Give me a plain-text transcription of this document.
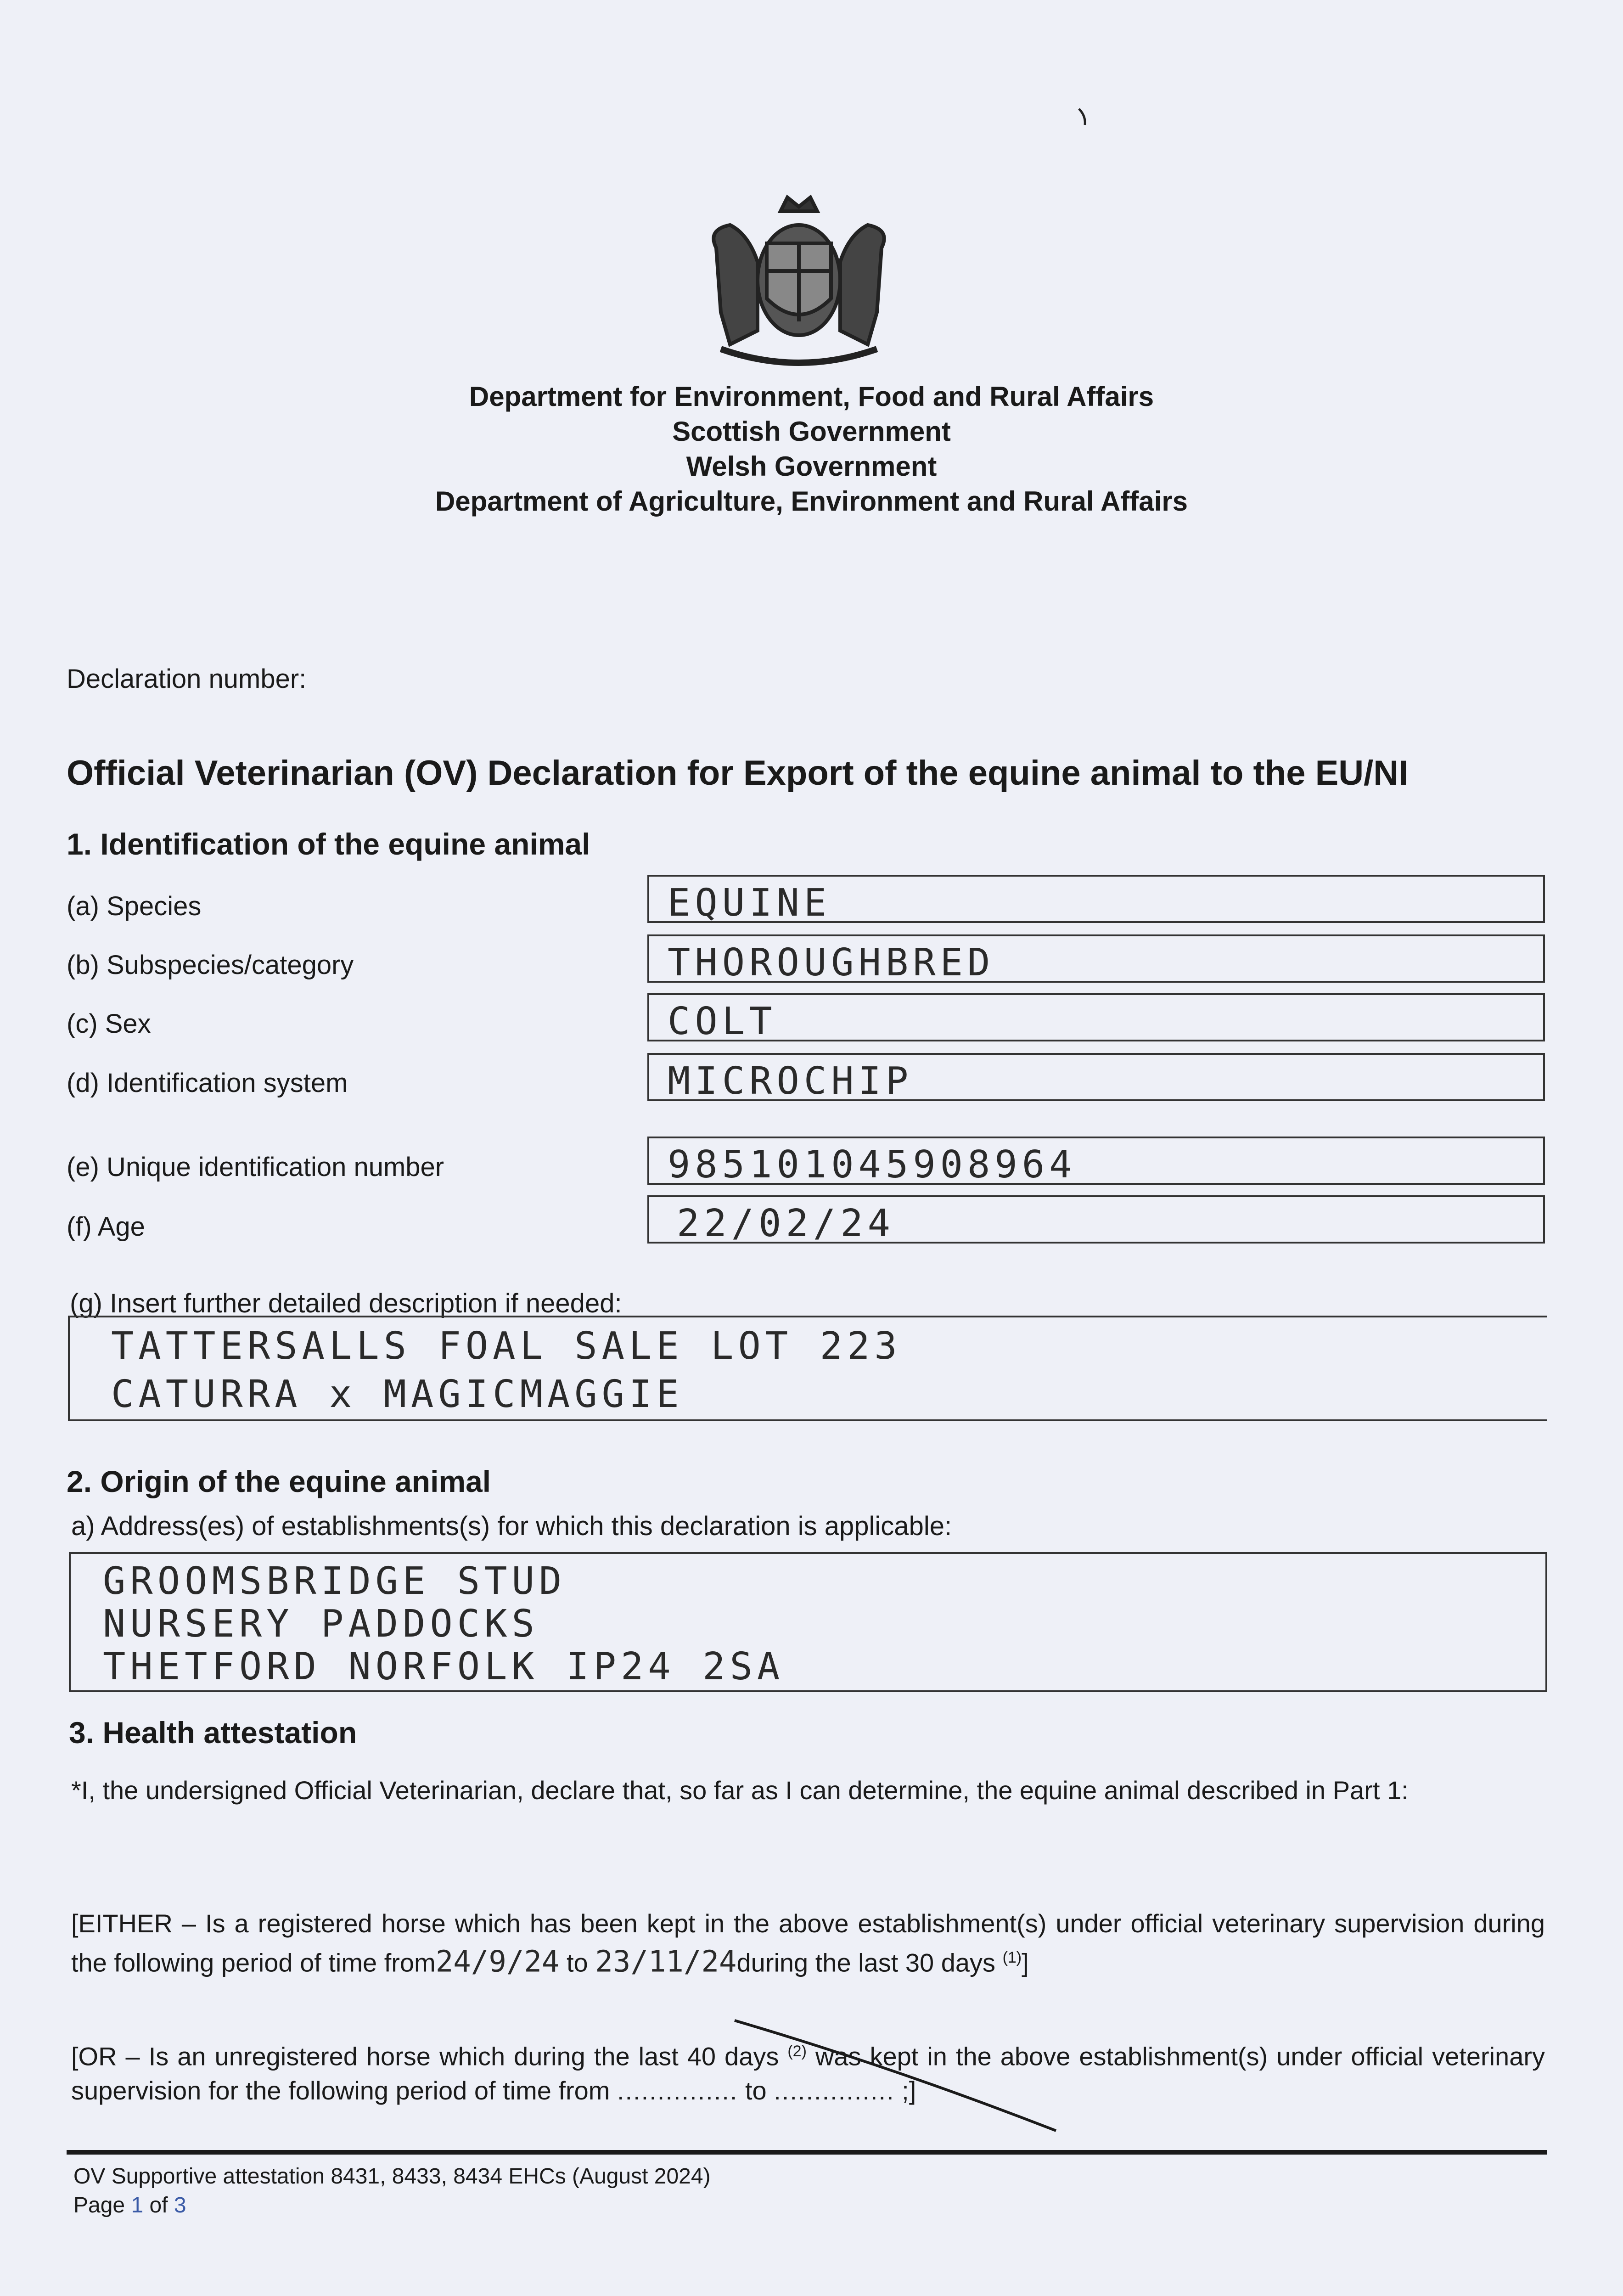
Department for Environment, Food and Rural Affairs
Scottish Government
Welsh Government
Department of Agriculture, Environment and Rural Affairs
Declaration number:
Official Veterinarian (OV) Declaration for Export of the equine animal to the EU/NI
1. Identification of the equine animal
(a) Species	EQUINE
(b) Subspecies/category	THOROUGHBRED
(c) Sex	COLT
(d) Identification system	MICROCHIP
(e) Unique identification number	985101045908964
(f) Age	22/02/24
(g) Insert further detailed description if needed:
TATTERSALLS FOAL SALE LOT 223
CATURRA x MAGICMAGGIE
2. Origin of the equine animal
a) Address(es) of establishments(s) for which this declaration is applicable:
GROOMSBRIDGE STUD
NURSERY PADDOCKS
THETFORD NORFOLK IP24 2SA
3. Health attestation
*I, the undersigned Official Veterinarian, declare that, so far as I can determine, the equine animal described in Part 1:
[EITHER – Is a registered horse which has been kept in the above establishment(s) under official veterinary supervision during the following period of time from24/9/24 to 23/11/24during the last 30 days $^{(1)}$]
[OR – Is an unregistered horse which during the last 40 days $^{(2)}$ was kept in the above establishment(s) under official veterinary supervision for the following period of time from ............... to ............... ;]
OV Supportive attestation 8431, 8433, 8434 EHCs (August 2024)
Page 1 of 3
